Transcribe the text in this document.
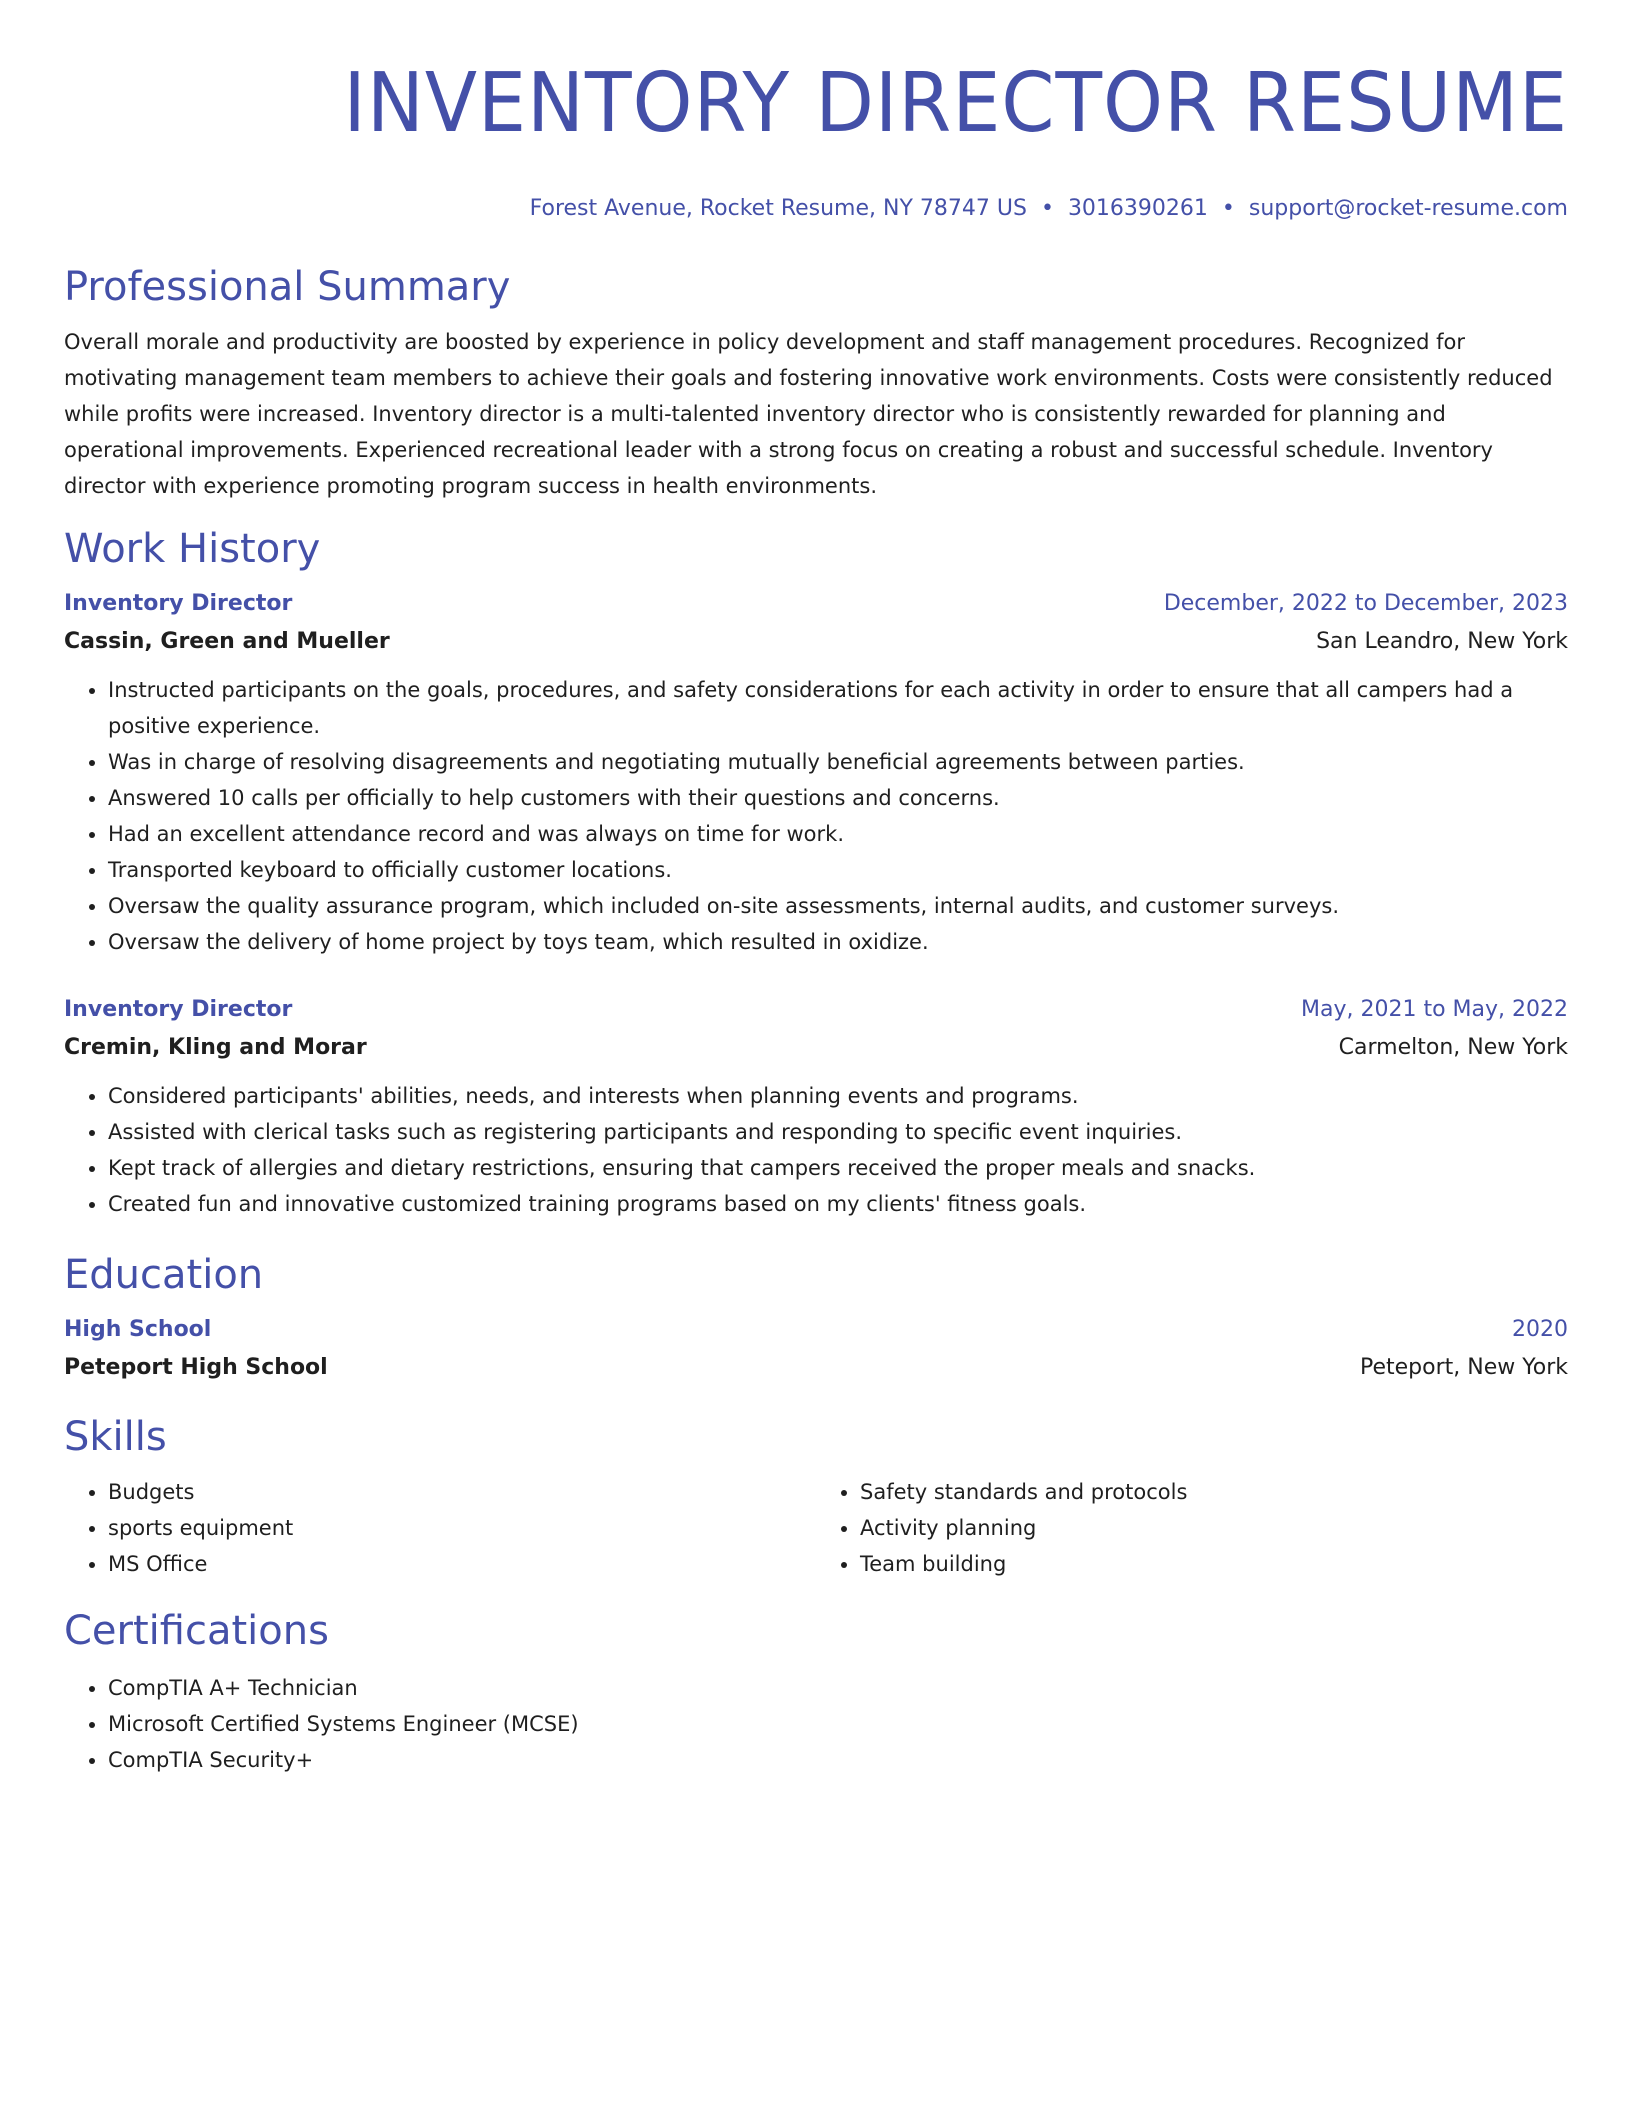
INVENTORY DIRECTOR RESUME
Forest Avenue, Rocket Resume, NY 78747 US • 3016390261 • support@rocket-resume.com
Professional Summary
Overall morale and productivity are boosted by experience in policy development and staff management procedures. Recognized for motivating management team members to achieve their goals and fostering innovative work environments. Costs were consistently reduced while profits were increased. Inventory director is a multi-talented inventory director who is consistently rewarded for planning and operational improvements. Experienced recreational leader with a strong focus on creating a robust and successful schedule. Inventory director with experience promoting program success in health environments.
Work History
Inventory Director	December, 2022 to December, 2023
Cassin, Green and Mueller	San Leandro, New York
• Instructed participants on the goals, procedures, and safety considerations for each activity in order to ensure that all campers had a positive experience.
• Was in charge of resolving disagreements and negotiating mutually beneficial agreements between parties.
• Answered 10 calls per officially to help customers with their questions and concerns.
• Had an excellent attendance record and was always on time for work.
• Transported keyboard to officially customer locations.
• Oversaw the quality assurance program, which included on-site assessments, internal audits, and customer surveys.
• Oversaw the delivery of home project by toys team, which resulted in oxidize.
Inventory Director	May, 2021 to May, 2022
Cremin, Kling and Morar	Carmelton, New York
• Considered participants' abilities, needs, and interests when planning events and programs.
• Assisted with clerical tasks such as registering participants and responding to specific event inquiries.
• Kept track of allergies and dietary restrictions, ensuring that campers received the proper meals and snacks.
• Created fun and innovative customized training programs based on my clients' fitness goals.
Education
High School	2020
Peteport High School	Peteport, New York
Skills
• Budgets
• sports equipment
• MS Office
• Safety standards and protocols
• Activity planning
• Team building
Certifications
• CompTIA A+ Technician
• Microsoft Certified Systems Engineer (MCSE)
• CompTIA Security+
